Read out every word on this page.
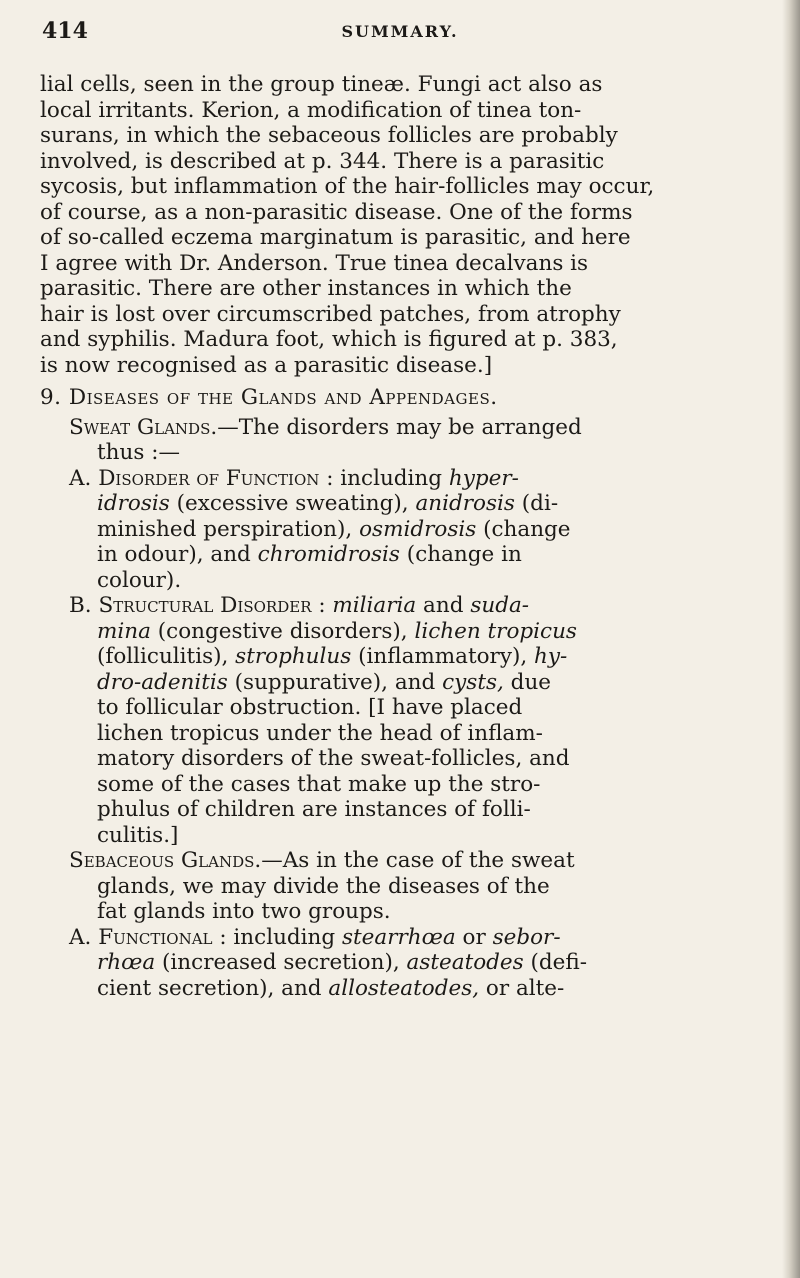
414	SUMMARY.
lial cells, seen in the group tineæ. Fungi act also as
local irritants. Kerion, a modification of tinea ton-
surans, in which the sebaceous follicles are probably
involved, is described at p. 344. There is a parasitic
sycosis, but inflammation of the hair-follicles may occur,
of course, as a non-parasitic disease. One of the forms
of so-called eczema marginatum is parasitic, and here
I agree with Dr. Anderson. True tinea decalvans is
parasitic. There are other instances in which the
hair is lost over circumscribed patches, from atrophy
and syphilis. Madura foot, which is figured at p. 383,
is now recognised as a parasitic disease.]
9. Diseases of the Glands and Appendages.
Sweat Glands.—The disorders may be arranged
thus :—
A. Disorder of Function : including hyper-
idrosis (excessive sweating), anidrosis (di-
minished perspiration), osmidrosis (change
in odour), and chromidrosis (change in
colour).
B. Structural Disorder : miliaria and suda-
mina (congestive disorders), lichen tropicus
(folliculitis), strophulus (inflammatory), hy-
dro-adenitis (suppurative), and cysts, due
to follicular obstruction. [I have placed
lichen tropicus under the head of inflam-
matory disorders of the sweat-follicles, and
some of the cases that make up the stro-
phulus of children are instances of folli-
culitis.]
Sebaceous Glands.—As in the case of the sweat
glands, we may divide the diseases of the
fat glands into two groups.
A. Functional : including stearrhœa or sebor-
rhœa (increased secretion), asteatodes (defi-
cient secretion), and allosteatodes, or alte-
